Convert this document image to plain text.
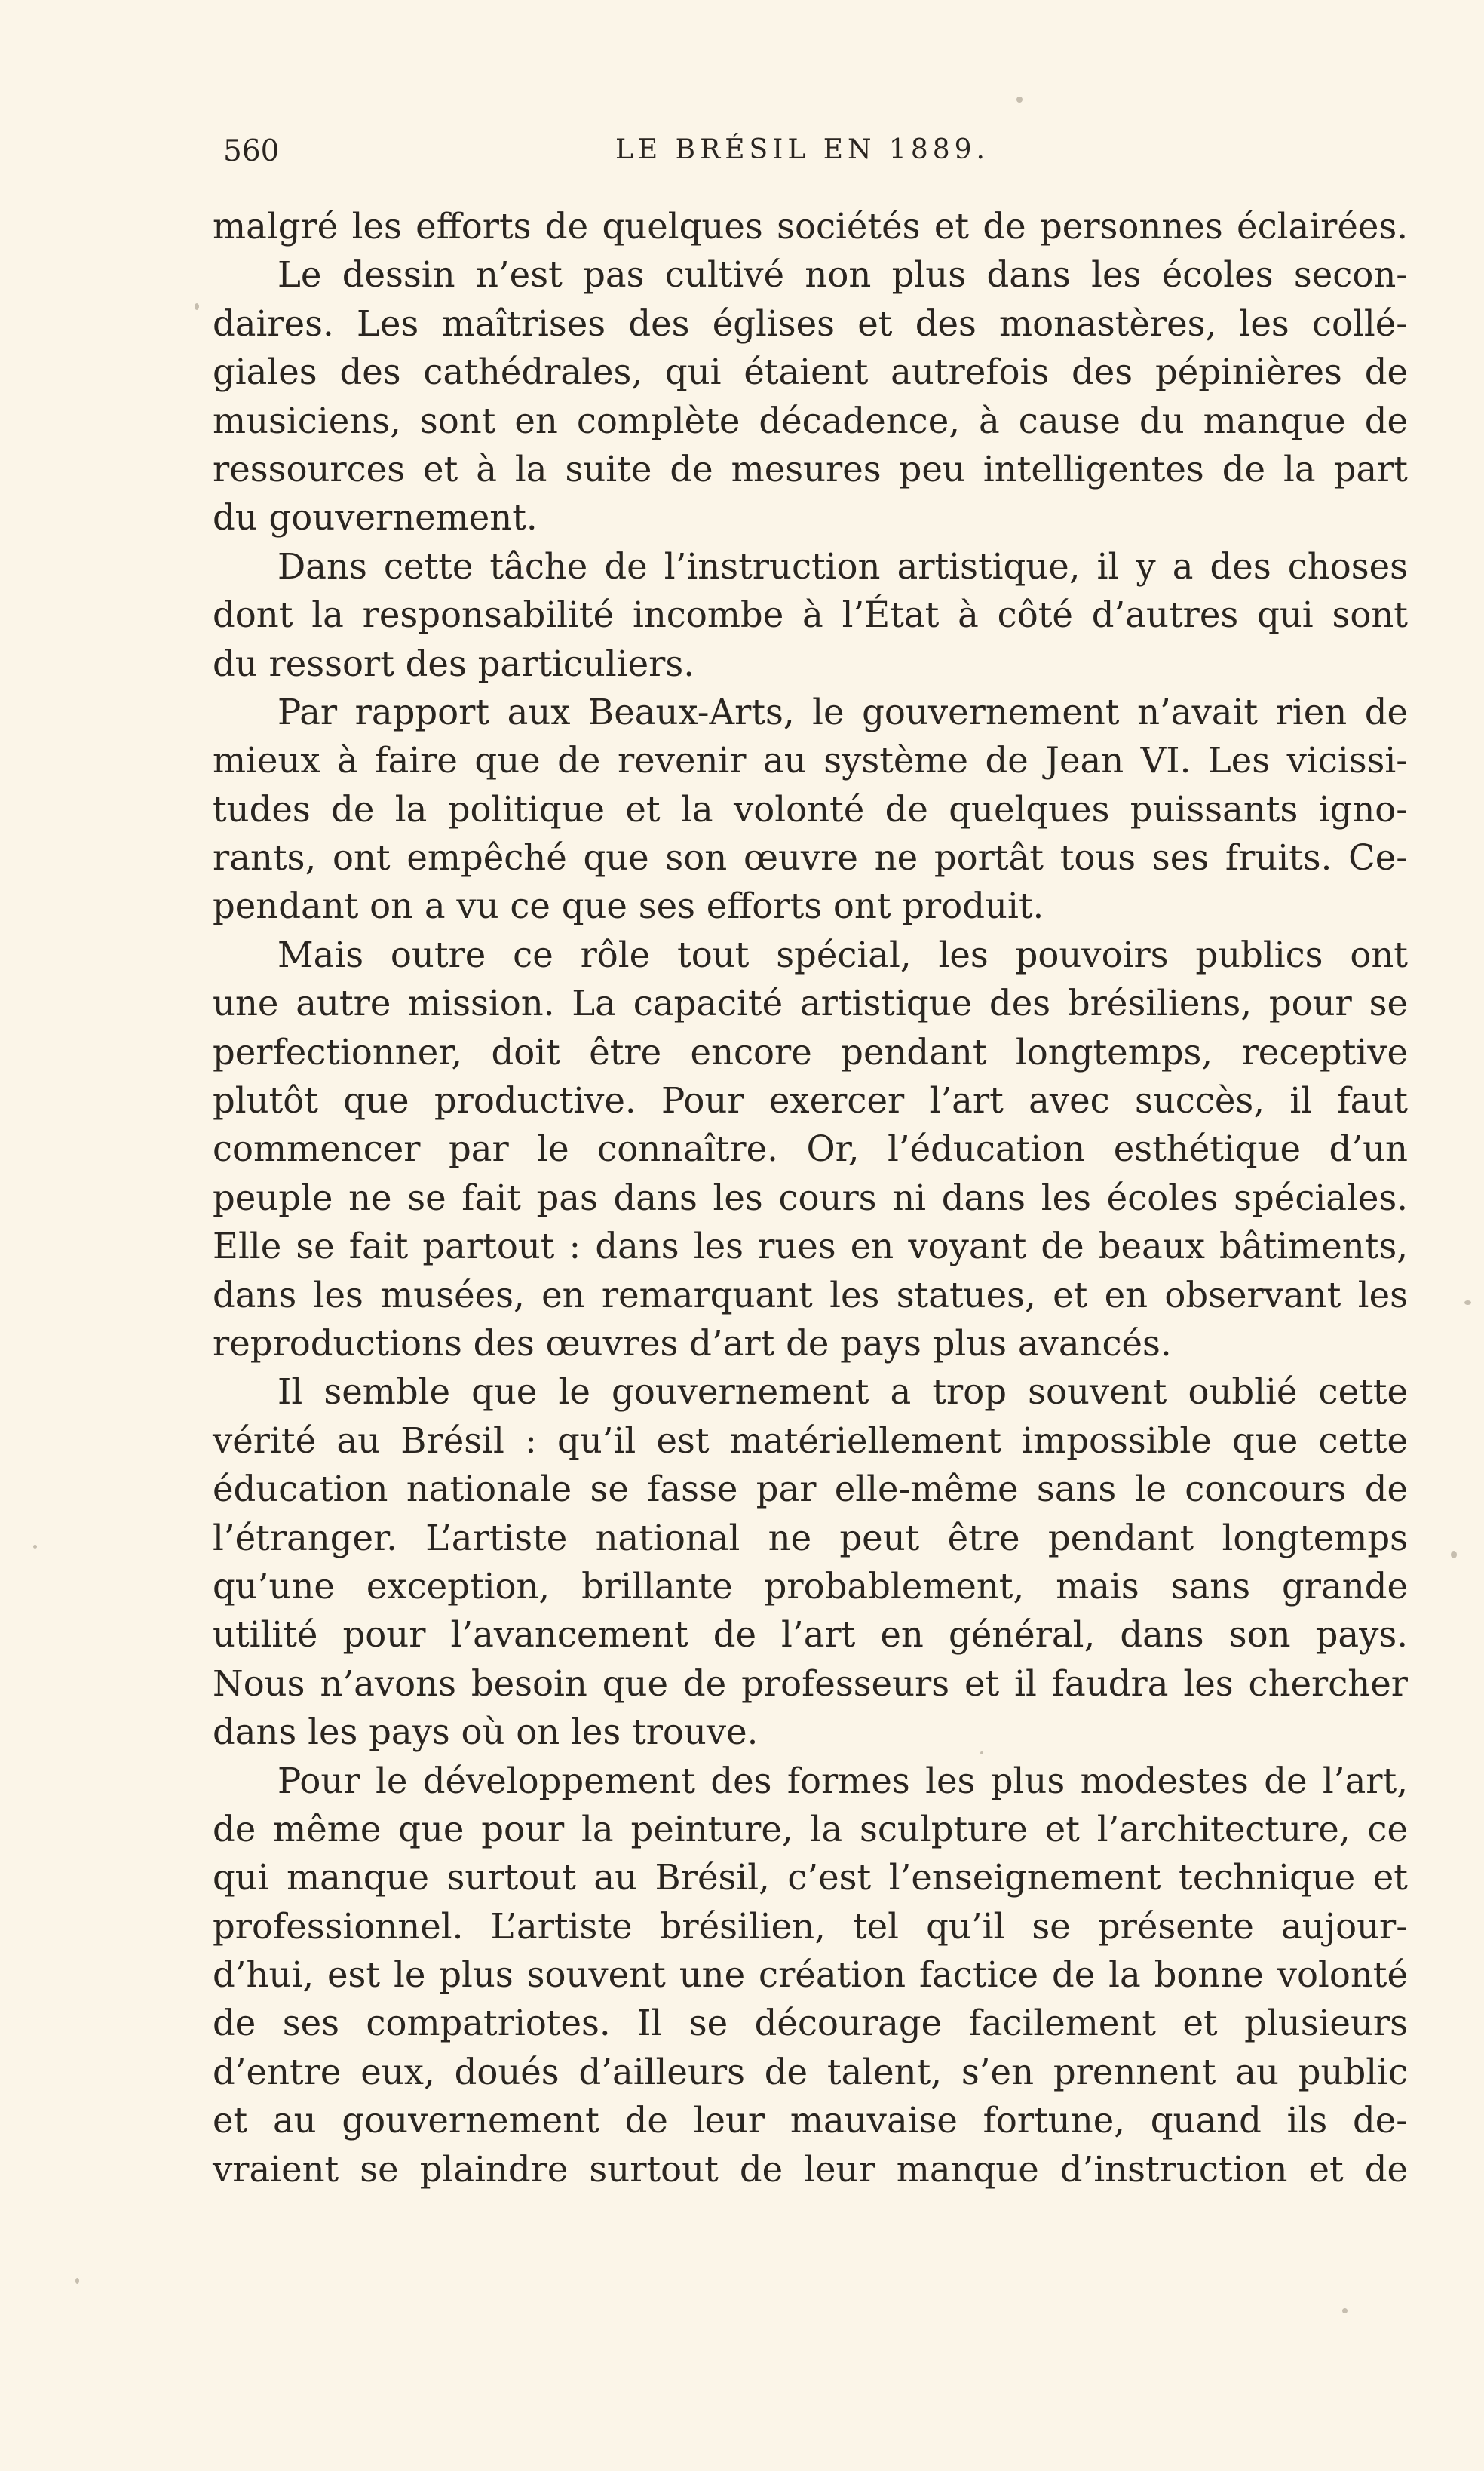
560	LE BRÉSIL EN 1889.
malgré les efforts de quelques sociétés et de personnes éclairées.
Le dessin n’est pas cultivé non plus dans les écoles secon-
daires. Les maîtrises des églises et des monastères, les collé-
giales des cathédrales, qui étaient autrefois des pépinières de
musiciens, sont en complète décadence, à cause du manque de
ressources et à la suite de mesures peu intelligentes de la part
du gouvernement.
Dans cette tâche de l’instruction artistique, il y a des choses
dont la responsabilité incombe à l’État à côté d’autres qui sont
du ressort des particuliers.
Par rapport aux Beaux-Arts, le gouvernement n’avait rien de
mieux à faire que de revenir au système de Jean VI. Les vicissi-
tudes de la politique et la volonté de quelques puissants igno-
rants, ont empêché que son œuvre ne portât tous ses fruits. Ce-
pendant on a vu ce que ses efforts ont produit.
Mais outre ce rôle tout spécial, les pouvoirs publics ont
une autre mission. La capacité artistique des brésiliens, pour se
perfectionner, doit être encore pendant longtemps, receptive
plutôt que productive. Pour exercer l’art avec succès, il faut
commencer par le connaître. Or, l’éducation esthétique d’un
peuple ne se fait pas dans les cours ni dans les écoles spéciales.
Elle se fait partout : dans les rues en voyant de beaux bâtiments,
dans les musées, en remarquant les statues, et en observant les
reproductions des œuvres d’art de pays plus avancés.
Il semble que le gouvernement a trop souvent oublié cette
vérité au Brésil : qu’il est matériellement impossible que cette
éducation nationale se fasse par elle-même sans le concours de
l’étranger. L’artiste national ne peut être pendant longtemps
qu’une exception, brillante probablement, mais sans grande
utilité pour l’avancement de l’art en général, dans son pays.
Nous n’avons besoin que de professeurs et il faudra les chercher
dans les pays où on les trouve.
Pour le développement des formes les plus modestes de l’art,
de même que pour la peinture, la sculpture et l’architecture, ce
qui manque surtout au Brésil, c’est l’enseignement technique et
professionnel. L’artiste brésilien, tel qu’il se présente aujour-
d’hui, est le plus souvent une création factice de la bonne volonté
de ses compatriotes. Il se décourage facilement et plusieurs
d’entre eux, doués d’ailleurs de talent, s’en prennent au public
et au gouvernement de leur mauvaise fortune, quand ils de-
vraient se plaindre surtout de leur manque d’instruction et de
